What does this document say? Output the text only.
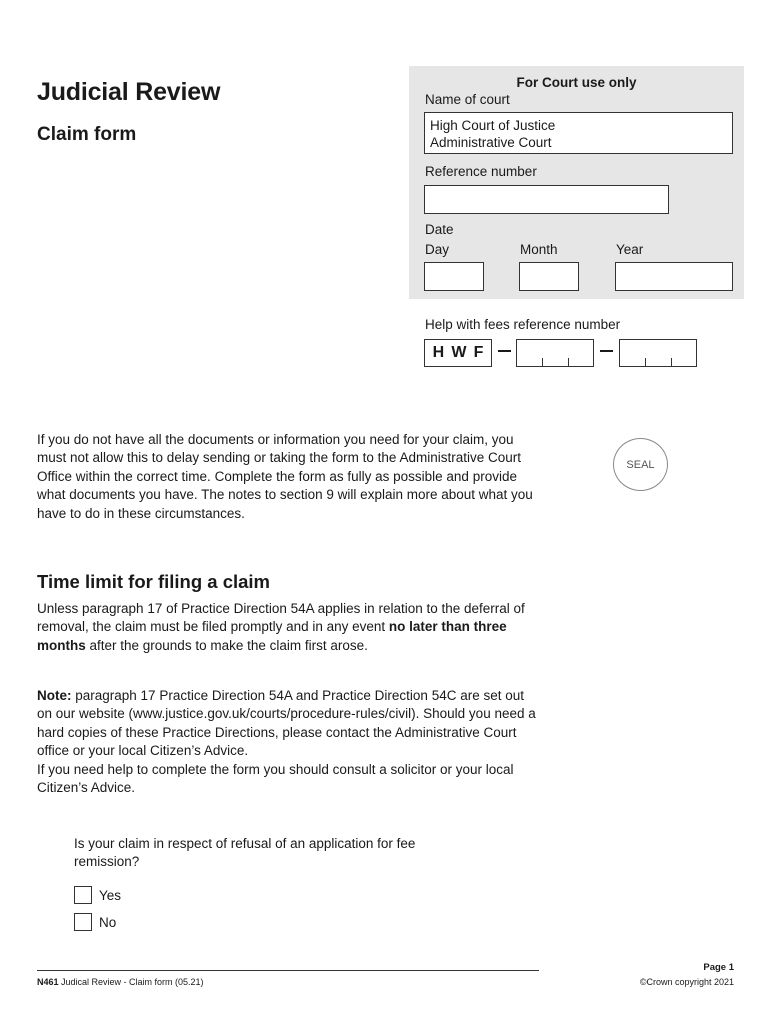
Judicial Review
Claim form
For Court use only
Name of court
High Court of Justice
Administrative Court
Reference number
Date
Day	Month	Year
Help with fees reference number
H W F
SEAL
If you do not have all the documents or information you need for your claim, you must not allow this to delay sending or taking the form to the Administrative Court Office within the correct time. Complete the form as fully as possible and provide what documents you have. The notes to section 9 will explain more about what you have to do in these circumstances.
Time limit for filing a claim
Unless paragraph 17 of Practice Direction 54A applies in relation to the deferral of removal, the claim must be filed promptly and in any event no later than three months after the grounds to make the claim first arose.
Note: paragraph 17 Practice Direction 54A and Practice Direction 54C are set out on our website (www.justice.gov.uk/courts/procedure-rules/civil). Should you need a hard copies of these Practice Directions, please contact the Administrative Court office or your local Citizen’s Advice.
If you need help to complete the form you should consult a solicitor or your local Citizen’s Advice.
Is your claim in respect of refusal of an application for fee remission?
Yes
No
N461 Judical Review - Claim form (05.21)
Page 1
©Crown copyright 2021
